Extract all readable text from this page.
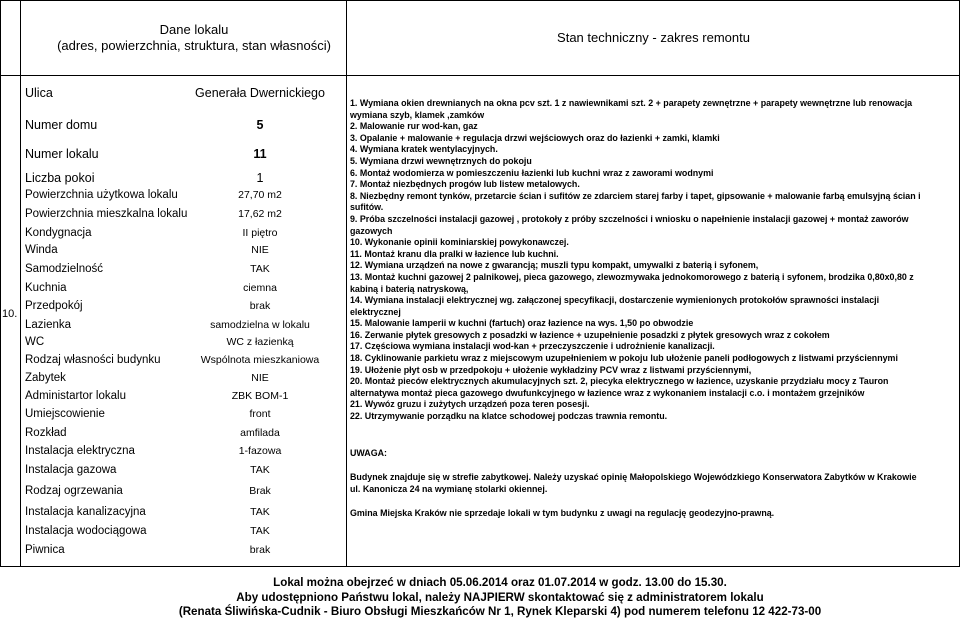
Dane lokalu
(adres, powierzchnia, struktura, stan własności)
Stan techniczny - zakres remontu
10.
Ulica	Generała Dwernickiego
Numer domu	5
Numer lokalu	11
Liczba pokoi	1
Powierzchnia użytkowa lokalu	27,70 m2
Powierzchnia mieszkalna lokalu	17,62 m2
Kondygnacja	II piętro
Winda	NIE
Samodzielność	TAK
Kuchnia	ciemna
Przedpokój	brak
Lazienka	samodzielna w lokalu
WC	WC z łazienką
Rodzaj własności budynku	Wspólnota mieszkaniowa
Zabytek	NIE
Administartor lokalu	ZBK BOM-1
Umiejscowienie	front
Rozkład	amfilada
Instalacja elektryczna	1-fazowa
Instalacja gazowa	TAK
Rodzaj ogrzewania	Brak
Instalacja kanalizacyjna	TAK
Instalacja wodociągowa	TAK
Piwnica	brak
1. Wymiana okien drewnianych na okna pcv szt. 1 z nawiewnikami szt. 2 + parapety zewnętrzne + parapety wewnętrzne lub renowacja
wymiana szyb, klamek ,zamków
2. Malowanie rur wod-kan, gaz
3. Opalanie + malowanie + regulacja drzwi wejściowych oraz do łazienki + zamki, klamki
4. Wymiana kratek wentylacyjnych.
5. Wymiana drzwi wewnętrznych do pokoju
6. Montaż wodomierza w pomieszczeniu łazienki lub kuchni wraz z zaworami wodnymi
7. Montaż niezbędnych progów lub listew metalowych.
8. Niezbędny remont tynków, przetarcie ścian i sufitów ze zdarciem starej farby i tapet, gipsowanie + malowanie farbą emulsyjną ścian i
sufitów.
9. Próba szczelności instalacji gazowej , protokoły z próby szczelności i wniosku o napełnienie instalacji gazowej + montaż zaworów
gazowych
10. Wykonanie opinii kominiarskiej powykonawczej.
11. Montaż kranu dla pralki w łazience lub kuchni.
12. Wymiana urządzeń na nowe z gwarancją; muszli typu kompakt, umywalki z baterią i syfonem,
13. Montaż kuchni gazowej 2 palnikowej, pieca gazowego, zlewozmywaka jednokomorowego z baterią i syfonem, brodzika 0,80x0,80 z
kabiną i baterią natryskową,
14. Wymiana instalacji elektrycznej wg. załączonej specyfikacji, dostarczenie wymienionych protokołów sprawności instalacji
elektrycznej
15. Malowanie lamperii w kuchni (fartuch) oraz łazience na wys. 1,50 po obwodzie
16. Zerwanie płytek gresowych z posadzki w łazience + uzupełnienie posadzki z płytek gresowych wraz z cokołem
17. Częściowa wymiana instalacji wod-kan + przeczyszczenie i udrożnienie kanalizacji.
18. Cyklinowanie parkietu wraz z miejscowym uzupełnieniem w pokoju lub ułożenie paneli podłogowych z listwami przyściennymi
19. Ułożenie płyt osb w przedpokoju + ułożenie wykładziny PCV wraz z listwami przyściennymi,
20. Montaż pieców elektrycznych akumulacyjnych szt. 2, piecyka elektrycznego w łazience, uzyskanie przydziału mocy z Tauron
alternatywa montaż pieca gazowego dwufunkcyjnego w łazience wraz z wykonaniem instalacji c.o. i montażem grzejników
21. Wywóz gruzu i zużytych urządzeń poza teren posesji.
22. Utrzymywanie porządku na klatce schodowej podczas trawnia remontu.
UWAGA:
Budynek znajduje się w strefie zabytkowej. Należy uzyskać opinię Małopolskiego Wojewódzkiego Konserwatora Zabytków w Krakowie
ul. Kanonicza 24 na wymianę stolarki okiennej.
Gmina Miejska Kraków nie sprzedaje lokali w tym budynku z uwagi na regulację geodezyjno-prawną.
Lokal można obejrzeć w dniach 05.06.2014 oraz 01.07.2014 w godz. 13.00 do 15.30.
Aby udostępniono Państwu lokal, należy NAJPIERW skontaktować się z administratorem lokalu
(Renata Śliwińska-Cudnik - Biuro Obsługi Mieszkańców Nr 1, Rynek Kleparski 4) pod numerem telefonu 12 422-73-00
